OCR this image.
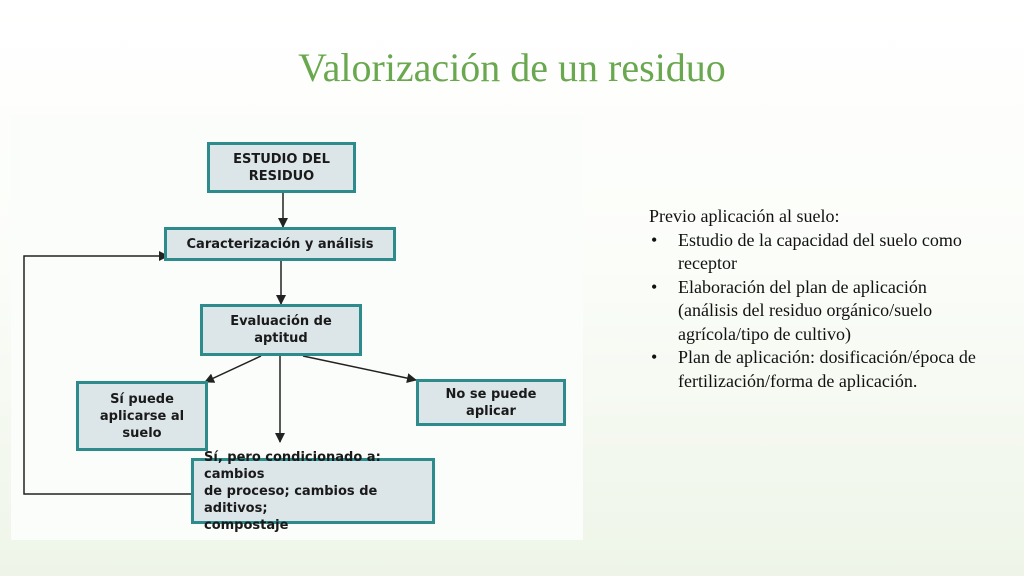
Valorización de un residuo
ESTUDIO DEL
RESIDUO
Caracterización y análisis
Evaluación de
aptitud
Sí puede
aplicarse al
suelo
No se puede
aplicar
Sí, pero condicionado a: cambios
de proceso; cambios de aditivos;
compostaje
Previo aplicación al suelo:
• Estudio de la capacidad del suelo como receptor
• Elaboración del plan de aplicación (análisis del residuo orgánico/suelo agrícola/tipo de cultivo)
• Plan de aplicación: dosificación/época de fertilización/forma de aplicación.
